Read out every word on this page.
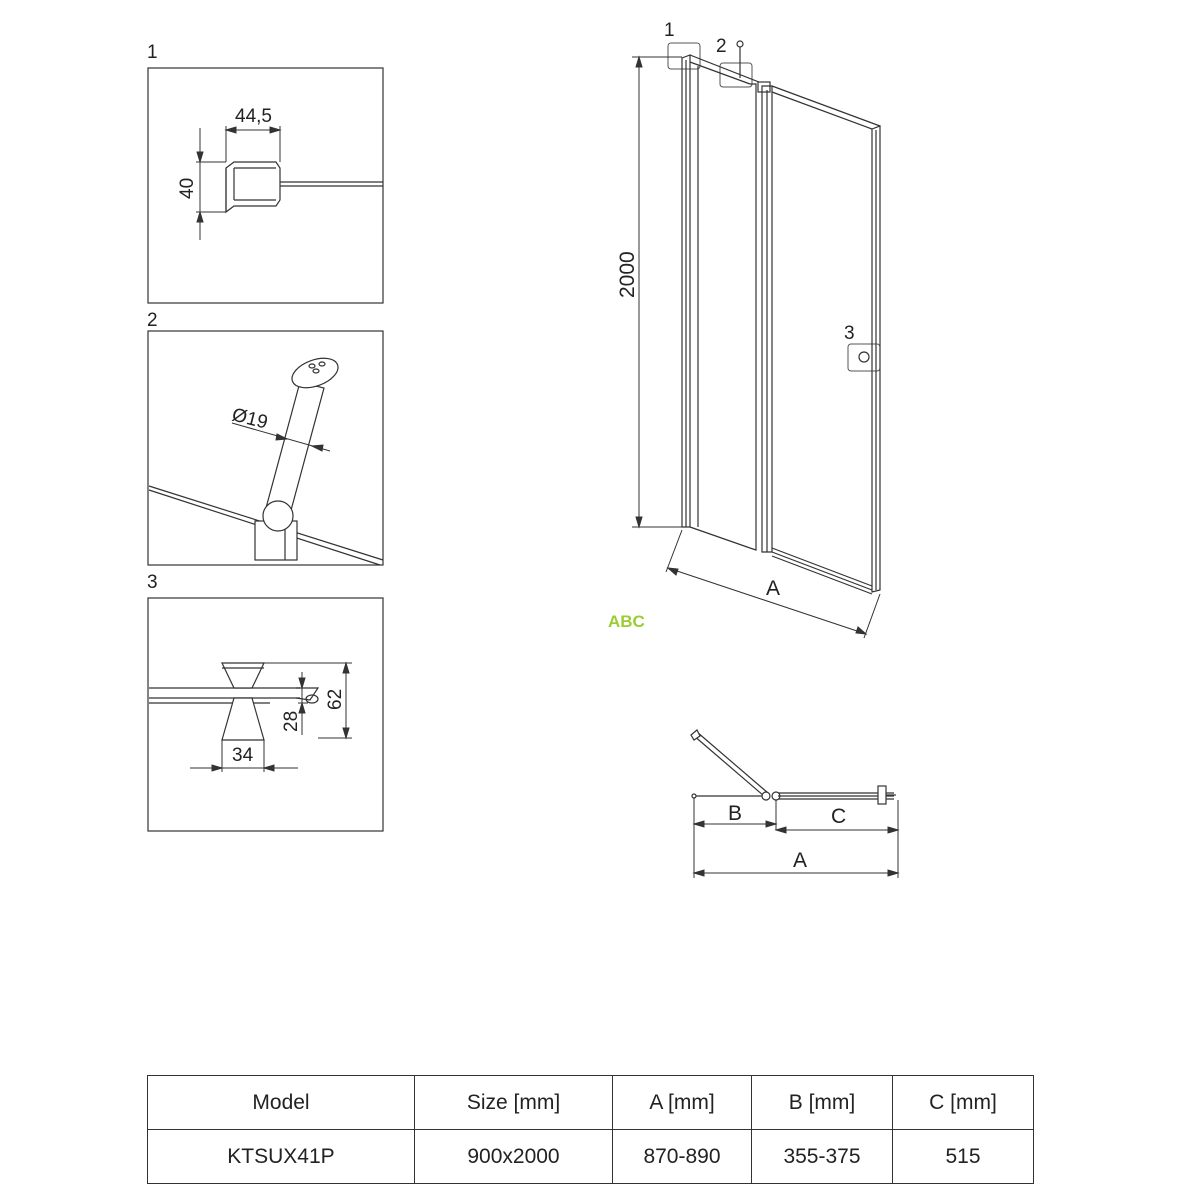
1
44,5
40
2
Ø19
3
62
28
34
1
2
3
2000
A
B	C
A
ABC
Model	Size [mm]	A [mm]	B [mm]	C [mm]
KTSUX41P	900x2000	870-890	355-375	515
